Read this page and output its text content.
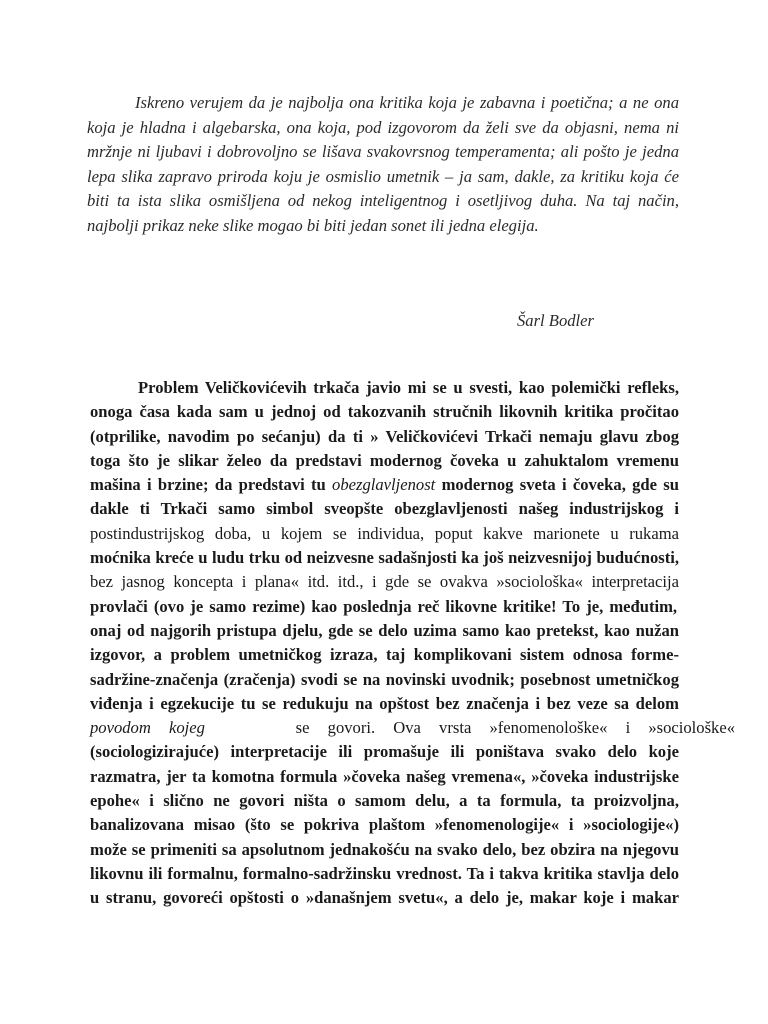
Iskreno verujem da je najbolja ona kritika koja je zabavna i poetična; a ne ona koja je hladna i algebarska, ona koja, pod izgovorom da želi sve da objasni, nema ni mržnje ni ljubavi i dobrovoljno se lišava svakovrsnog temperamenta; ali pošto je jedna lepa slika zapravo priroda koju je osmislio umetnik – ja sam, dakle, za kritiku koja će biti ta ista slika osmišljena od nekog inteligentnog i osetljivog duha. Na taj način, najbolji prikaz neke slike mogao bi biti jedan sonet ili jedna elegija.

Šarl Bodler

Problem Veličkovićevih trkača javio mi se u svesti, kao polemički refleks,
onoga časa kada sam u jednoj od takozvanih stručnih likovnih kritika pročitao
(otprilike, navodim po sećanju) da ti » Veličkovićevi Trkači nemaju glavu zbog
toga što je slikar želeo da predstavi modernog čoveka u zahuktalom vremenu
mašina i brzine; da predstavi tu obezglavljenost modernog sveta i čoveka, gde su
dakle ti Trkači samo simbol sveopšte obezglavljenosti našeg industrijskog i
postindustrijskog doba, u kojem se individua, poput kakve marionete u rukama
moćnika kreće u ludu trku od neizvesne sadašnjosti ka još neizvesnijoj budućnosti,
bez jasnog koncepta i plana« itd. itd., i gde se ovakva »sociološka« interpretacija
provlači (ovo je samo rezime) kao poslednja reč likovne kritike! To je, međutim,
onaj od najgorih pristupa djelu, gde se delo uzima samo kao pretekst, kao nužan
izgovor, a problem umetničkog izraza, taj komplikovani sistem odnosa forme-
sadržine-značenja (zračenja) svodi se na novinski uvodnik; posebnost umetničkog
viđenja i egzekucije tu se redukuju na opštost bez značenja i bez veze sa delom
povodom kojeg	se govori. Ova vrsta »fenomenološke« i »sociološke«
(sociologizirajuće) interpretacije ili promašuje ili poništava svako delo koje
razmatra, jer ta komotna formula »čoveka našeg vremena«, »čoveka industrijske
epohe« i slično ne govori ništa o samom delu, a ta formula, ta proizvoljna,
banalizovana misao (što se pokriva plaštom »fenomenologije« i »sociologije«)
može se primeniti sa apsolutnom jednakošću na svako delo, bez obzira na njegovu
likovnu ili formalnu, formalno-sadržinsku vrednost. Ta i takva kritika stavlja delo
u stranu, govoreći opštosti o »današnjem svetu«, a delo je, makar koje i makar
